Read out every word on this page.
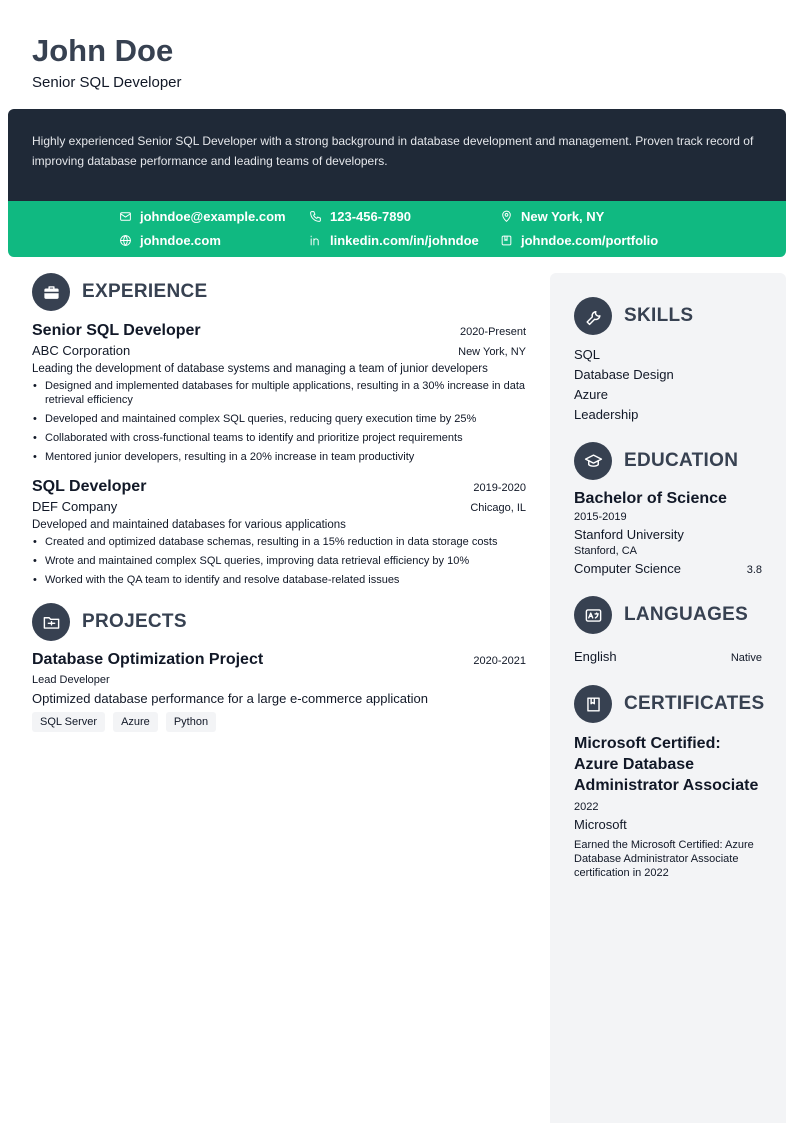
John Doe
Senior SQL Developer
Highly experienced Senior SQL Developer with a strong background in database development and management. Proven track record of improving database performance and leading teams of developers.
johndoe@example.com	123-456-7890	New York, NY
johndoe.com	linkedin.com/in/johndoe	johndoe.com/portfolio
EXPERIENCE
Senior SQL Developer	2020-Present
ABC Corporation	New York, NY
Leading the development of database systems and managing a team of junior developers
• Designed and implemented databases for multiple applications, resulting in a 30% increase in data retrieval efficiency
• Developed and maintained complex SQL queries, reducing query execution time by 25%
• Collaborated with cross-functional teams to identify and prioritize project requirements
• Mentored junior developers, resulting in a 20% increase in team productivity
SQL Developer	2019-2020
DEF Company	Chicago, IL
Developed and maintained databases for various applications
• Created and optimized database schemas, resulting in a 15% reduction in data storage costs
• Wrote and maintained complex SQL queries, improving data retrieval efficiency by 10%
• Worked with the QA team to identify and resolve database-related issues
PROJECTS
Database Optimization Project	2020-2021
Lead Developer
Optimized database performance for a large e-commerce application
SQL Server	Azure	Python
SKILLS
SQL
Database Design
Azure
Leadership
EDUCATION
Bachelor of Science
2015-2019
Stanford University
Stanford, CA
Computer Science	3.8
LANGUAGES
English	Native
CERTIFICATES
Microsoft Certified: Azure Database Administrator Associate
2022
Microsoft
Earned the Microsoft Certified: Azure Database Administrator Associate certification in 2022
